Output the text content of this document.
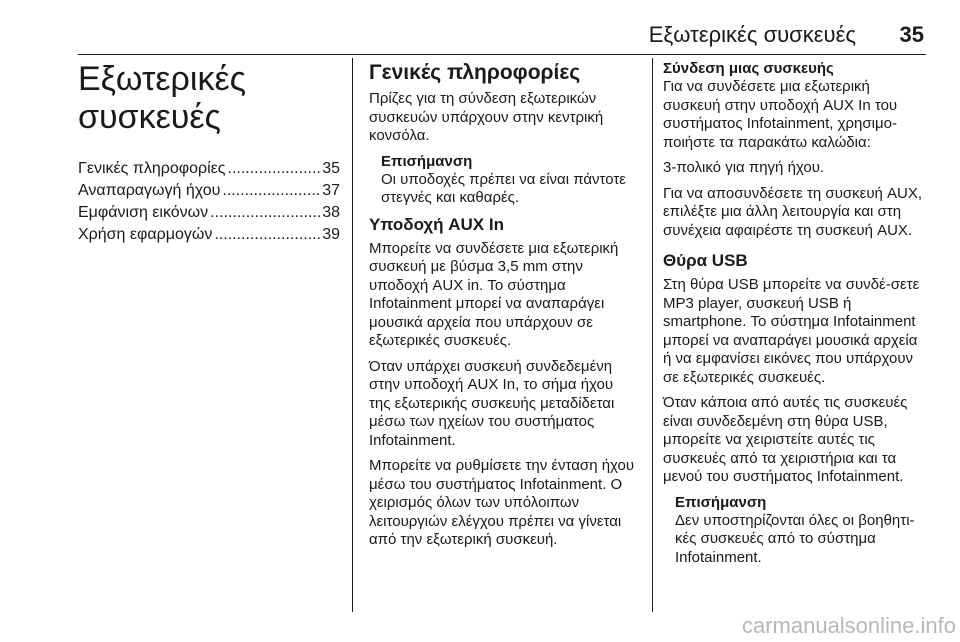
Εξωτερικές συσκευές 35
Εξωτερικές
συσκευές
Γενικές πληροφορίες .....	35
Αναπαραγωγή ήχου .....	37
Εμφάνιση εικόνων .....	38
Χρήση εφαρμογών .....	39
Γενικές πληροφορίες

Πρίζες για τη σύνδεση εξωτερικών συσκευών υπάρχουν στην κεντρική κονσόλα.

Επισήμανση
Οι υποδοχές πρέπει να είναι πάντοτε στεγνές και καθαρές.
Υποδοχή AUX In

Μπορείτε να συνδέσετε μια εξωτερική συσκευή με βύσμα 3,5 mm στην υποδοχή AUX in. Το σύστημα Infotainment μπορεί να αναπαράγει μουσικά αρχεία που υπάρχουν σε εξωτερικές συσκευές.

Όταν υπάρχει συσκευή συνδεδεμένη στην υποδοχή AUX In, το σήμα ήχου της εξωτερικής συσκευής μεταδίδεται μέσω των ηχείων του συστήματος Infotainment.

Μπορείτε να ρυθμίσετε την ένταση ήχου μέσω του συστήματος Infotainment. Ο χειρισμός όλων των υπόλοιπων λειτουργιών ελέγχου πρέπει να γίνεται από την εξωτερική συσκευή.

Σύνδεση μιας συσκευής

Για να συνδέσετε μια εξωτερική συσκευή στην υποδοχή AUX In του συστήματος Infotainment, χρησιμο-ποιήστε τα παρακάτω καλώδια:

3-πολικό για πηγή ήχου.

Για να αποσυνδέσετε τη συσκευή AUX, επιλέξτε μια άλλη λειτουργία και στη συνέχεια αφαιρέστε τη συσκευή AUX.

Θύρα USB

Στη θύρα USB μπορείτε να συνδέ-σετε MP3 player, συσκευή USB ή smartphone. Το σύστημα Infotainment μπορεί να αναπαράγει μουσικά αρχεία ή να εμφανίσει εικόνες που υπάρχουν σε εξωτερικές συσκευές.

Όταν κάποια από αυτές τις συσκευές είναι συνδεδεμένη στη θύρα USB, μπορείτε να χειριστείτε αυτές τις συσκευές από τα χειριστήρια και τα μενού του συστήματος Infotainment.

Επισήμανση
Δεν υποστηρίζονται όλες οι βοηθητι-κές συσκευές από το σύστημα Infotainment.
carmanualsonline.info
